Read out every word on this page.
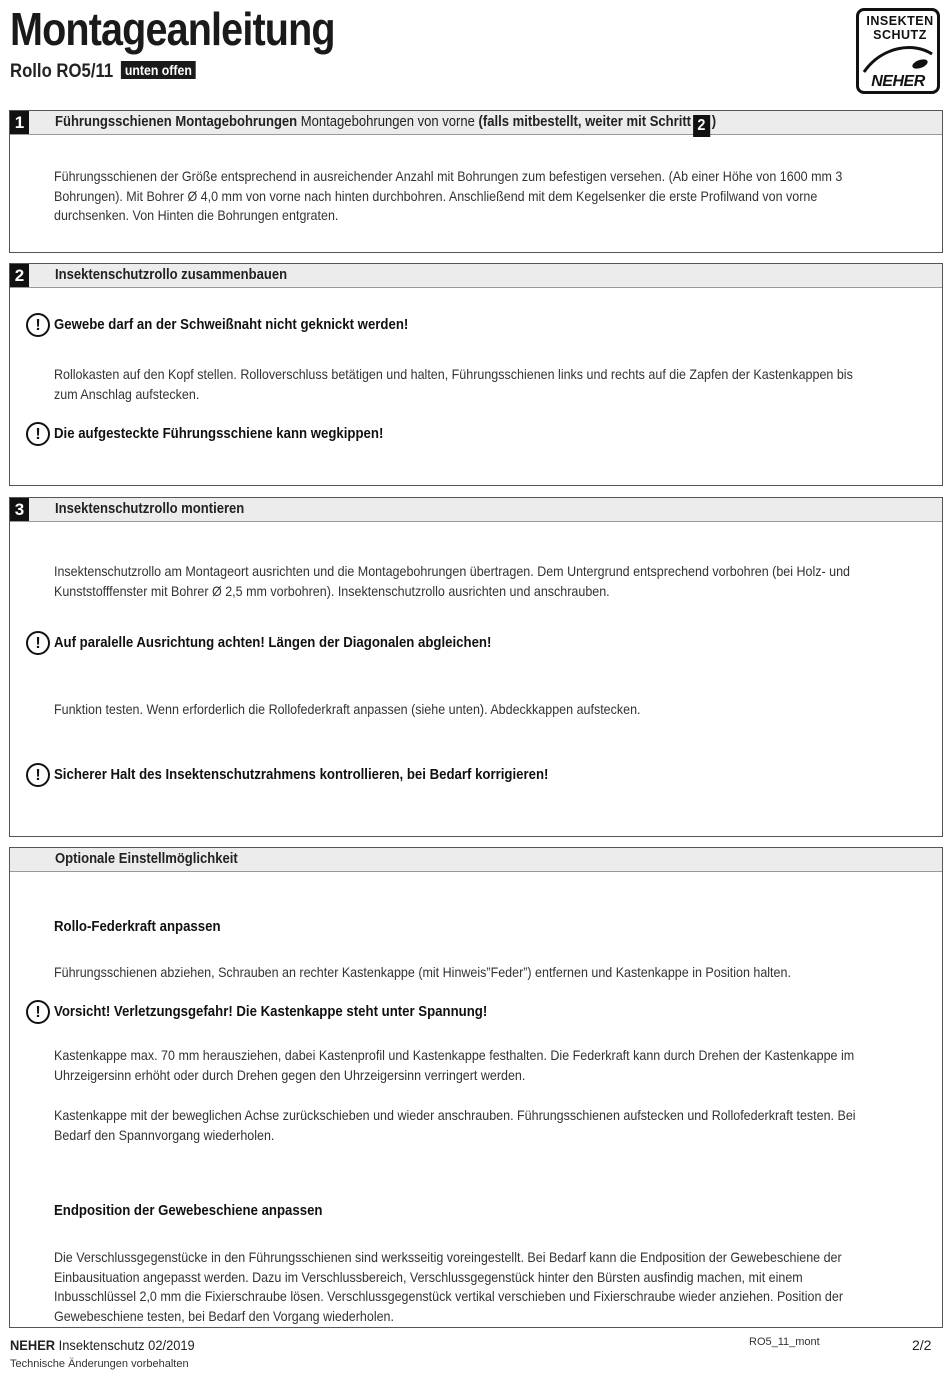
Montageanleitung
Rollo RO5/11 unten offen
INSEKTEN
SCHUTZ
NEHER
1	Führungsschienen Montagebohrungen Montagebohrungen von vorne (falls mitbestellt, weiter mit Schritt 2 )
Führungsschienen der Größe entsprechend in ausreichender Anzahl mit Bohrungen zum befestigen versehen. (Ab einer Höhe von 1600 mm 3 Bohrungen). Mit Bohrer Ø 4,0 mm von vorne nach hinten durchbohren. Anschließend mit dem Kegelsenker die erste Profilwand von vorne durchsenken. Von Hinten die Bohrungen entgraten.
2	Insektenschutzrollo zusammenbauen
! Gewebe darf an der Schweißnaht nicht geknickt werden!
Rollokasten auf den Kopf stellen. Rolloverschluss betätigen und halten, Führungsschienen links und rechts auf die Zapfen der Kastenkappen bis zum Anschlag aufstecken.
! Die aufgesteckte Führungsschiene kann wegkippen!
3	Insektenschutzrollo montieren
Insektenschutzrollo am Montageort ausrichten und die Montagebohrungen übertragen. Dem Untergrund entsprechend vorbohren (bei Holz- und Kunststofffenster mit Bohrer Ø 2,5 mm vorbohren). Insektenschutzrollo ausrichten und anschrauben.
! Auf paralelle Ausrichtung achten! Längen der Diagonalen abgleichen!
Funktion testen. Wenn erforderlich die Rollofederkraft anpassen (siehe unten). Abdeckkappen aufstecken.
! Sicherer Halt des Insektenschutzrahmens kontrollieren, bei Bedarf korrigieren!
Optionale Einstellmöglichkeit
Rollo-Federkraft anpassen
Führungsschienen abziehen, Schrauben an rechter Kastenkappe (mit Hinweis”Feder”) entfernen und Kastenkappe in Position halten.
! Vorsicht! Verletzungsgefahr! Die Kastenkappe steht unter Spannung!
Kastenkappe max. 70 mm herausziehen, dabei Kastenprofil und Kastenkappe festhalten. Die Federkraft kann durch Drehen der Kastenkappe im Uhrzeigersinn erhöht oder durch Drehen gegen den Uhrzeigersinn verringert werden.
Kastenkappe mit der beweglichen Achse zurückschieben und wieder anschrauben. Führungsschienen aufstecken und Rollofederkraft testen. Bei Bedarf den Spannvorgang wiederholen.
Endposition der Gewebeschiene anpassen
Die Verschlussgegenstücke in den Führungsschienen sind werksseitig voreingestellt. Bei Bedarf kann die Endposition der Gewebeschiene der Einbausituation angepasst werden. Dazu im Verschlussbereich, Verschlussgegenstück hinter den Bürsten ausfindig machen, mit einem Inbusschlüssel 2,0 mm die Fixierschraube lösen. Verschlussgegenstück vertikal verschieben und Fixierschraube wieder anziehen. Position der Gewebeschiene testen, bei Bedarf den Vorgang wiederholen.
NEHER Insektenschutz 02/2019
Technische Änderungen vorbehalten
RO5_11_mont	2/2
